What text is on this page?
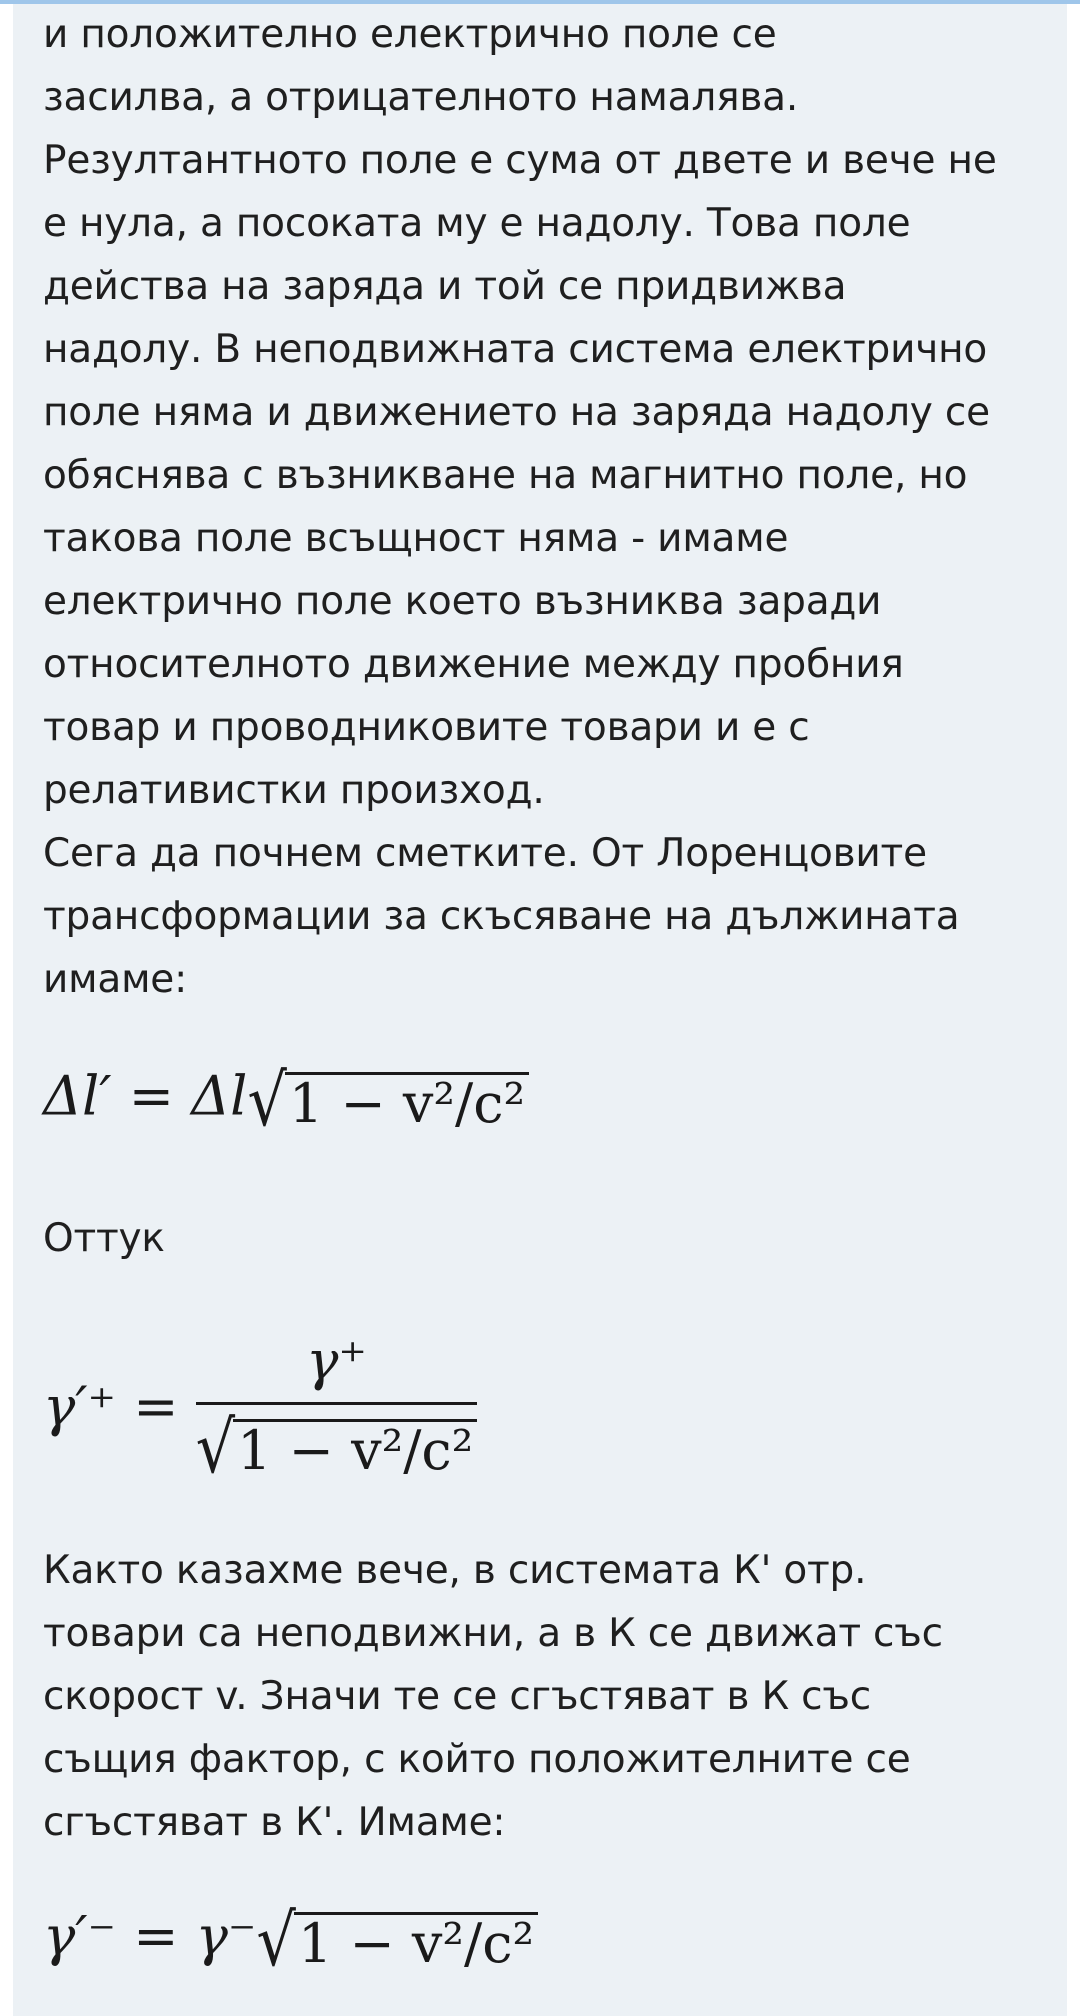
и положително електрично поле се
засилва, а отрицателното намалява.
Резултантното поле е сума от двете и вече не
е нула, а посоката му е надолу. Това поле
действа на заряда и той се придвижва
надолу. В неподвижната система електрично
поле няма и движението на заряда надолу се
обяснява с възникване на магнитно поле, но
такова поле всъщност няма - имаме
електрично поле което възниква заради
относителното движение между пробния
товар и проводниковите товари и е с
релативистки произход.
Сега да почнем сметките. От Лоренцовите
трансформации за скъсяване на дължината
имаме:
Δl′ = Δl√1 − v²/c²
Оттук
$\gamma'^+ = \frac{\gamma^+}{\text{√1 − v²/c²}}$
Както казахме вече, в системата К' отр.
товари са неподвижни, а в К се движат със
скорост v. Значи те се сгъстяват в К със
същия фактор, с който положителните се
сгъстяват в К'. Имаме:
γ′⁻ = γ⁻√1 − v²/c²
